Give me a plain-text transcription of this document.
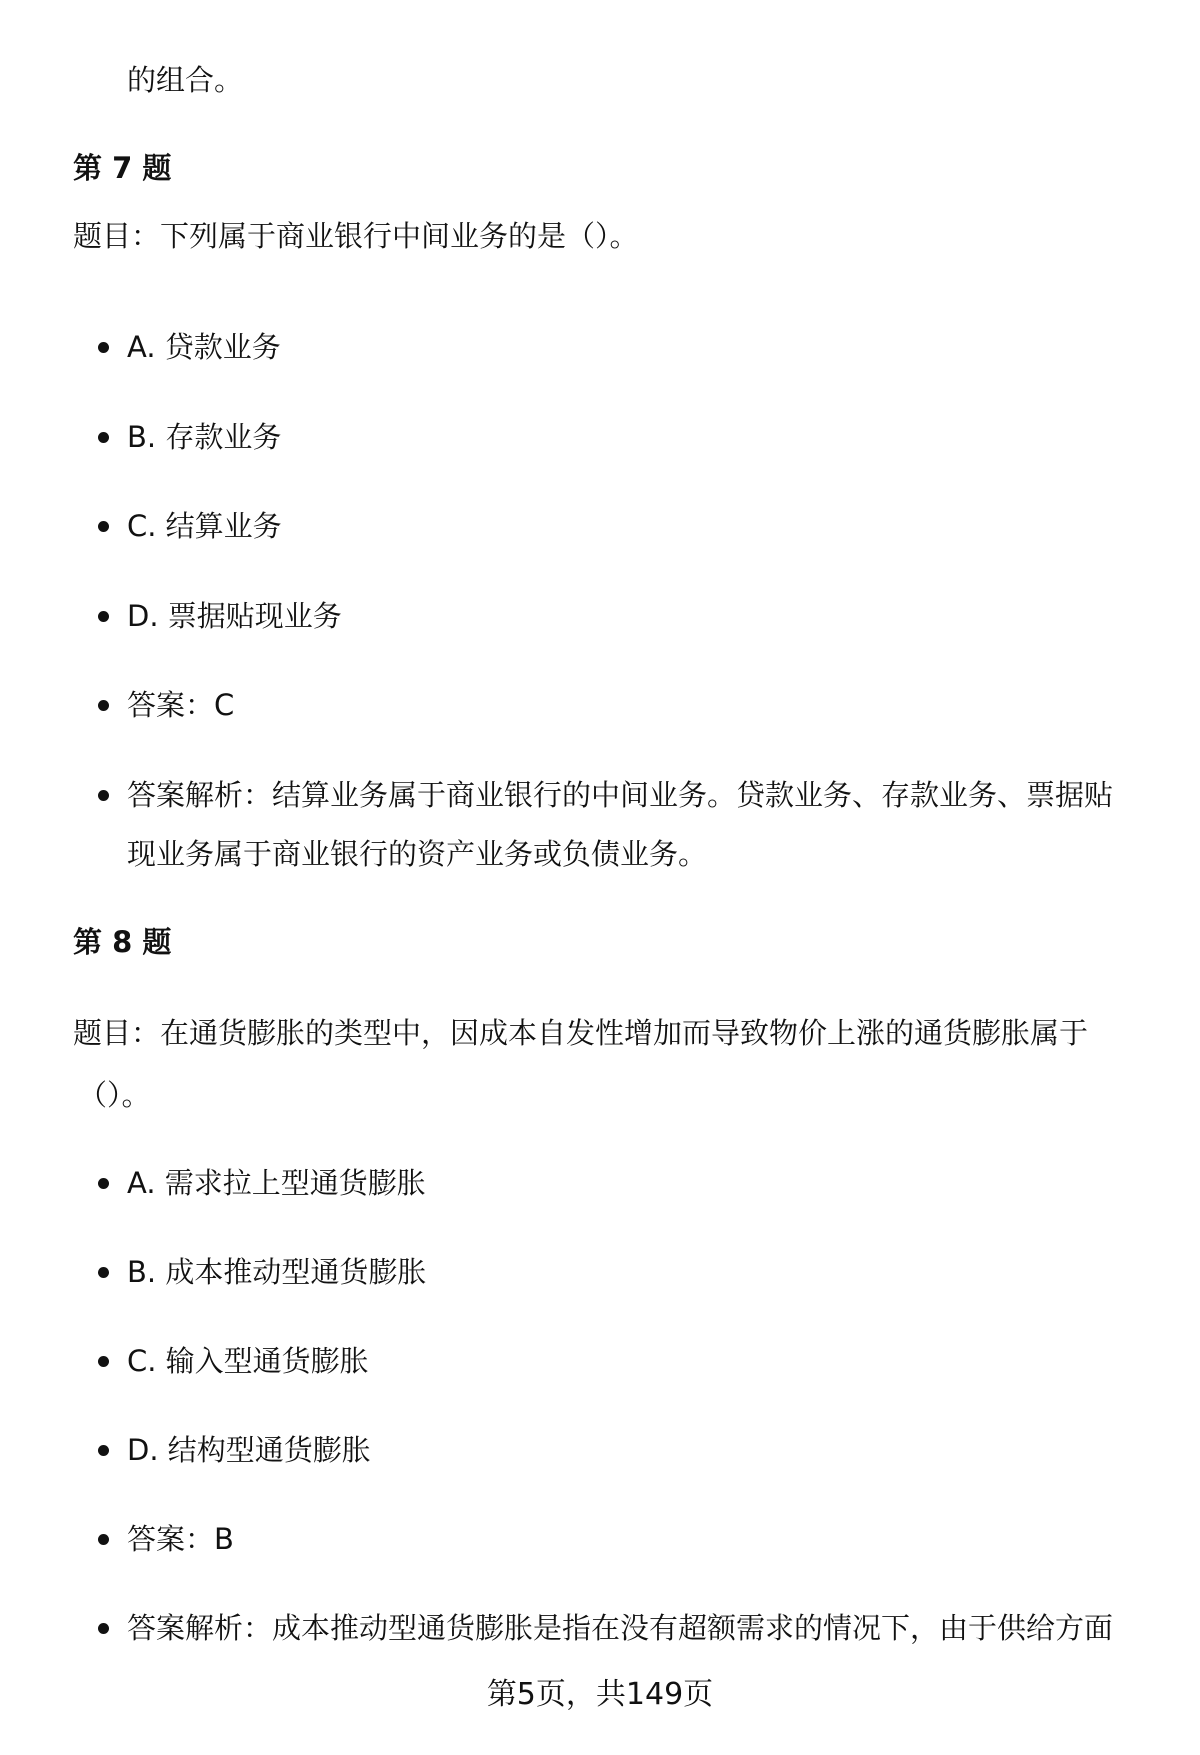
的组合。
第 7 题
题目：下列属于商业银行中间业务的是（）。
A. 贷款业务
B. 存款业务
C. 结算业务
D. 票据贴现业务
答案：C
答案解析：结算业务属于商业银行的中间业务。贷款业务、存款业务、票据贴
现业务属于商业银行的资产业务或负债业务。
第 8 题
题目：在通货膨胀的类型中，因成本自发性增加而导致物价上涨的通货膨胀属于
（）。
A. 需求拉上型通货膨胀
B. 成本推动型通货膨胀
C. 输入型通货膨胀
D. 结构型通货膨胀
答案：B
答案解析：成本推动型通货膨胀是指在没有超额需求的情况下，由于供给方面
第5页，共149页
